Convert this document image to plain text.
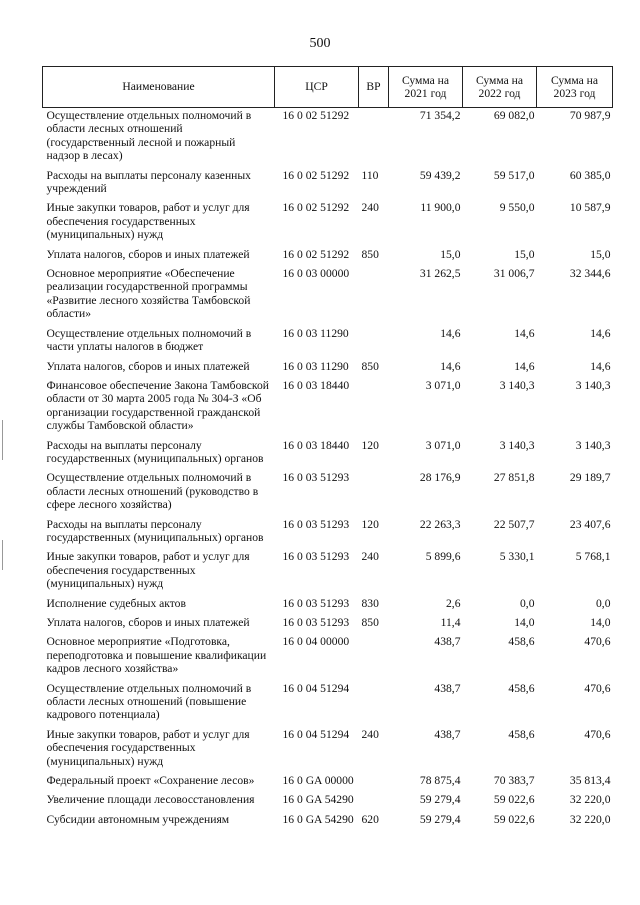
500
Наименование	ЦСР	ВР	Сумма на 2021 год	Сумма на 2022 год	Сумма на 2023 год
Осуществление отдельных полномочий в области лесных отношений (государственный лесной и пожарный надзор в лесах)	16 0 02 51292		71 354,2	69 082,0	70 987,9
Расходы на выплаты персоналу казенных учреждений	16 0 02 51292	110	59 439,2	59 517,0	60 385,0
Иные закупки товаров, работ и услуг для обеспечения государственных (муниципальных) нужд	16 0 02 51292	240	11 900,0	9 550,0	10 587,9
Уплата налогов, сборов и иных платежей	16 0 02 51292	850	15,0	15,0	15,0
Основное мероприятие «Обеспечение реализации государственной программы «Развитие лесного хозяйства Тамбовской области»	16 0 03 00000		31 262,5	31 006,7	32 344,6
Осуществление отдельных полномочий в части уплаты налогов в бюджет	16 0 03 11290		14,6	14,6	14,6
Уплата налогов, сборов и иных платежей	16 0 03 11290	850	14,6	14,6	14,6
Финансовое обеспечение Закона Тамбовской области от 30 марта 2005 года № 304-З «Об организации государственной гражданской службы Тамбовской области»	16 0 03 18440		3 071,0	3 140,3	3 140,3
Расходы на выплаты персоналу государственных (муниципальных) органов	16 0 03 18440	120	3 071,0	3 140,3	3 140,3
Осуществление отдельных полномочий в области лесных отношений (руководство в сфере лесного хозяйства)	16 0 03 51293		28 176,9	27 851,8	29 189,7
Расходы на выплаты персоналу государственных (муниципальных) органов	16 0 03 51293	120	22 263,3	22 507,7	23 407,6
Иные закупки товаров, работ и услуг для обеспечения государственных (муниципальных) нужд	16 0 03 51293	240	5 899,6	5 330,1	5 768,1
Исполнение судебных актов	16 0 03 51293	830	2,6	0,0	0,0
Уплата налогов, сборов и иных платежей	16 0 03 51293	850	11,4	14,0	14,0
Основное мероприятие «Подготовка, переподготовка и повышение квалификации кадров лесного хозяйства»	16 0 04 00000		438,7	458,6	470,6
Осуществление отдельных полномочий в области лесных отношений (повышение кадрового потенциала)	16 0 04 51294		438,7	458,6	470,6
Иные закупки товаров, работ и услуг для обеспечения государственных (муниципальных) нужд	16 0 04 51294	240	438,7	458,6	470,6
Федеральный проект «Сохранение лесов»	16 0 GA 00000		78 875,4	70 383,7	35 813,4
Увеличение площади лесовосстановления	16 0 GA 54290		59 279,4	59 022,6	32 220,0
Субсидии автономным учреждениям	16 0 GA 54290	620	59 279,4	59 022,6	32 220,0
